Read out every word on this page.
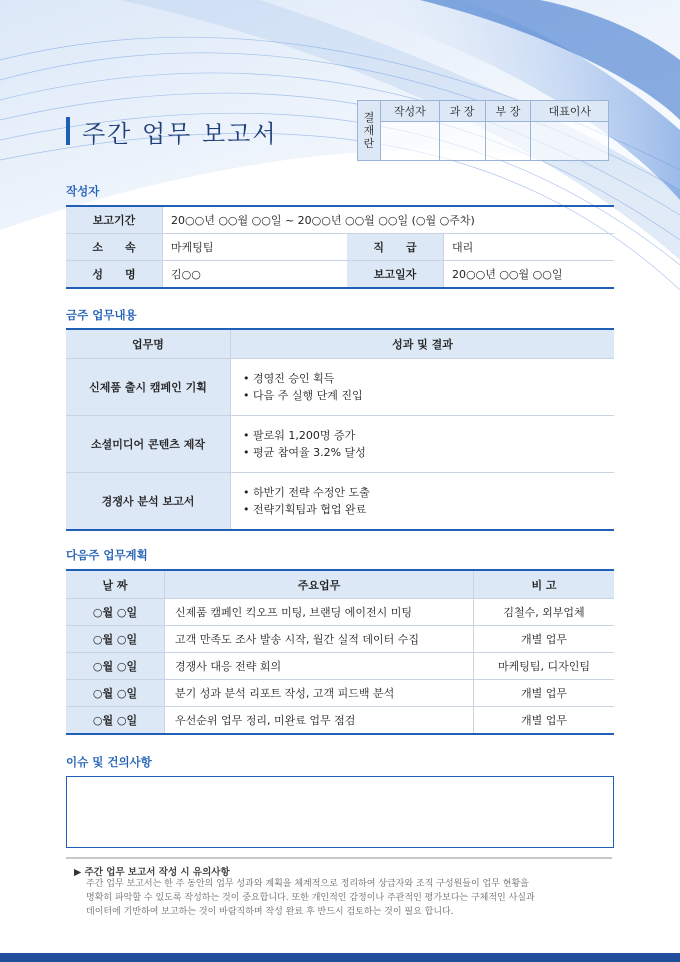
주간 업무 보고서
결
재
란	작성자	과 장	부 장	대표이사

작성자
보고기간	20○○년 ○○월 ○○일 ~ 20○○년 ○○월 ○○일 (○월 ○주차)		
소　　속	마케팅팀	직　　급	대리
성　　명	김○○	보고일자	20○○년 ○○월 ○○일
금주 업무내용
업무명	성과 및 결과
신제품 출시 캠페인 기획	• 경영진 승인 획득
• 다음 주 실행 단계 진입

소셜미디어 콘텐츠 제작	• 팔로워 1,200명 증가
• 평균 참여율 3.2% 달성

경쟁사 분석 보고서	• 하반기 전략 수정안 도출
• 전략기획팀과 협업 완료
다음주 업무계획
날 짜	주요업무	비 고
○월 ○일	신제품 캠페인 킥오프 미팅, 브랜딩 에이전시 미팅	김철수, 외부업체
○월 ○일	고객 만족도 조사 발송 시작, 월간 실적 데이터 수집	개별 업무
○월 ○일	경쟁사 대응 전략 회의	마케팅팀, 디자인팀
○월 ○일	분기 성과 분석 리포트 작성, 고객 피드백 분석	개별 업무
○월 ○일	우선순위 업무 정리, 미완료 업무 점검	개별 업무
이슈 및 건의사항
▶ 주간 업무 보고서 작성 시 유의사항
주간 업무 보고서는 한 주 동안의 업무 성과와 계획을 체계적으로 정리하여 상급자와 조직 구성원들이 업무 현황을
명확히 파악할 수 있도록 작성하는 것이 중요합니다. 또한 개인적인 감정이나 주관적인 평가보다는 구체적인 사실과
데이터에 기반하여 보고하는 것이 바람직하며 작성 완료 후 반드시 검토하는 것이 필요 합니다.
